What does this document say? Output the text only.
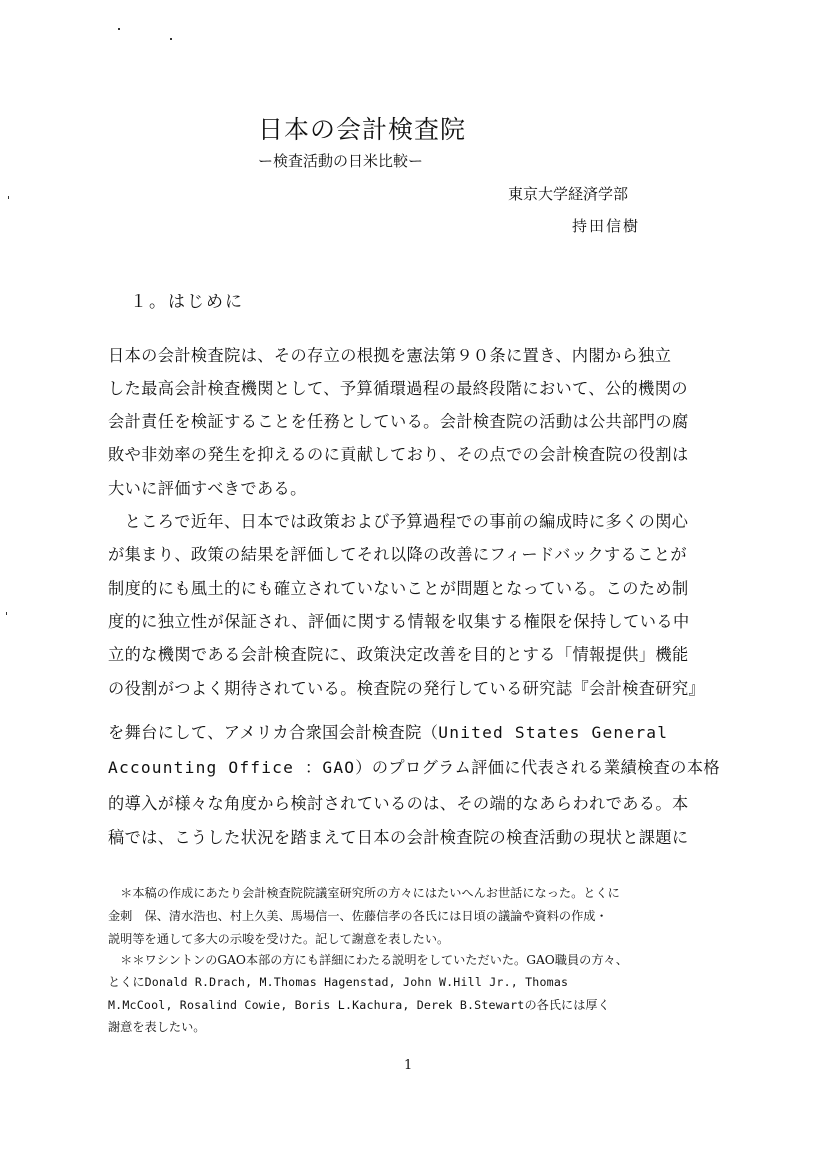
日本の会計検査院
ー検査活動の日米比較ー
東京大学経済学部
持田信樹
１。はじめに
日本の会計検査院は、その存立の根拠を憲法第９０条に置き、内閣から独立
した最高会計検査機関として、予算循環過程の最終段階において、公的機関の
会計責任を検証することを任務としている。会計検査院の活動は公共部門の腐
敗や非効率の発生を抑えるのに貢献しており、その点での会計検査院の役割は
大いに評価すべきである。
　ところで近年、日本では政策および予算過程での事前の編成時に多くの関心
が集まり、政策の結果を評価してそれ以降の改善にフィードバックすることが
制度的にも風土的にも確立されていないことが問題となっている。このため制
度的に独立性が保証され、評価に関する情報を収集する権限を保持している中
立的な機関である会計検査院に、政策決定改善を目的とする「情報提供」機能
の役割がつよく期待されている。検査院の発行している研究誌『会計検査研究』
を舞台にして、アメリカ合衆国会計検査院（United States General
Accounting Office ：GAO）のプログラム評価に代表される業績検査の本格
的導入が様々な角度から検討されているのは、その端的なあらわれである。本
稿では、こうした状況を踏まえて日本の会計検査院の検査活動の現状と課題に
　＊本稿の作成にあたり会計検査院院議室研究所の方々にはたいへんお世話になった。とくに
金刺　保、清水浩也、村上久美、馬場信一、佐藤信孝の各氏には日頃の議論や資料の作成・
説明等を通して多大の示唆を受けた。記して謝意を表したい。
　＊＊ワシントンのGAO本部の方にも詳細にわたる説明をしていただいた。GAO職員の方々、
とくにDonald R.Drach, M.Thomas Hagenstad, John W.Hill Jr., Thomas
M.McCool, Rosalind Cowie, Boris L.Kachura, Derek B.Stewartの各氏には厚く
謝意を表したい。
1
